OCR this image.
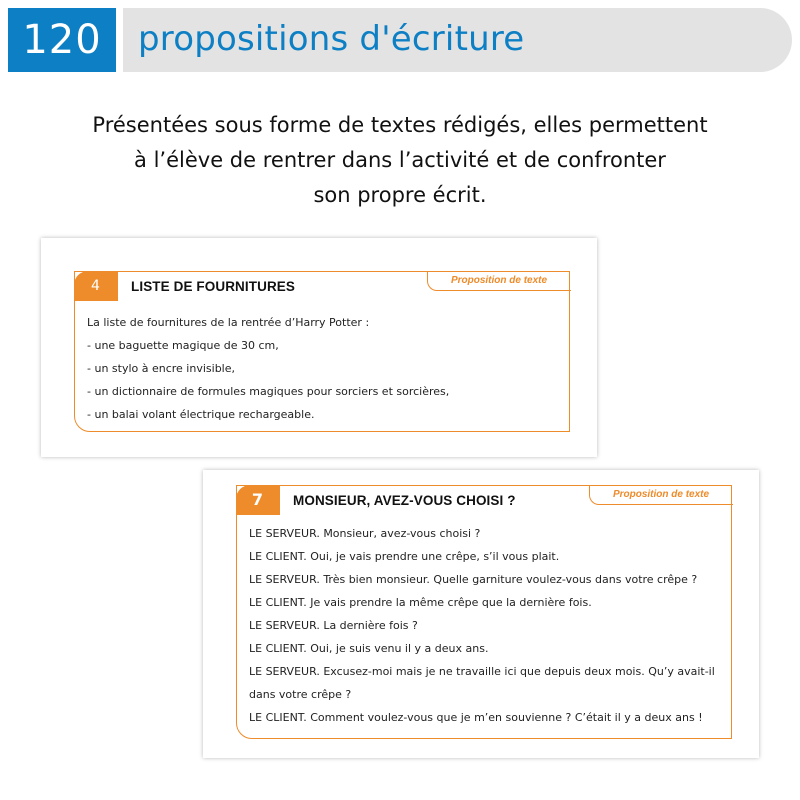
120	propositions d'écriture
Présentées sous forme de textes rédigés, elles permettent
à l’élève de rentrer dans l’activité et de confronter
son propre écrit.
4	LISTE DE FOURNITURES	Proposition de texte
La liste de fournitures de la rentrée d’Harry Potter :
- une baguette magique de 30 cm,
- un stylo à encre invisible,
- un dictionnaire de formules magiques pour sorciers et sorcières,
- un balai volant électrique rechargeable.
7	MONSIEUR, AVEZ-VOUS CHOISI ?	Proposition de texte
LE SERVEUR. Monsieur, avez-vous choisi ?
LE CLIENT. Oui, je vais prendre une crêpe, s’il vous plait.
LE SERVEUR. Très bien monsieur. Quelle garniture voulez-vous dans votre crêpe ?
LE CLIENT. Je vais prendre la même crêpe que la dernière fois.
LE SERVEUR. La dernière fois ?
LE CLIENT. Oui, je suis venu il y a deux ans.
LE SERVEUR. Excusez-moi mais je ne travaille ici que depuis deux mois. Qu’y avait-il dans votre crêpe ?
LE CLIENT. Comment voulez-vous que je m’en souvienne ? C’était il y a deux ans !
